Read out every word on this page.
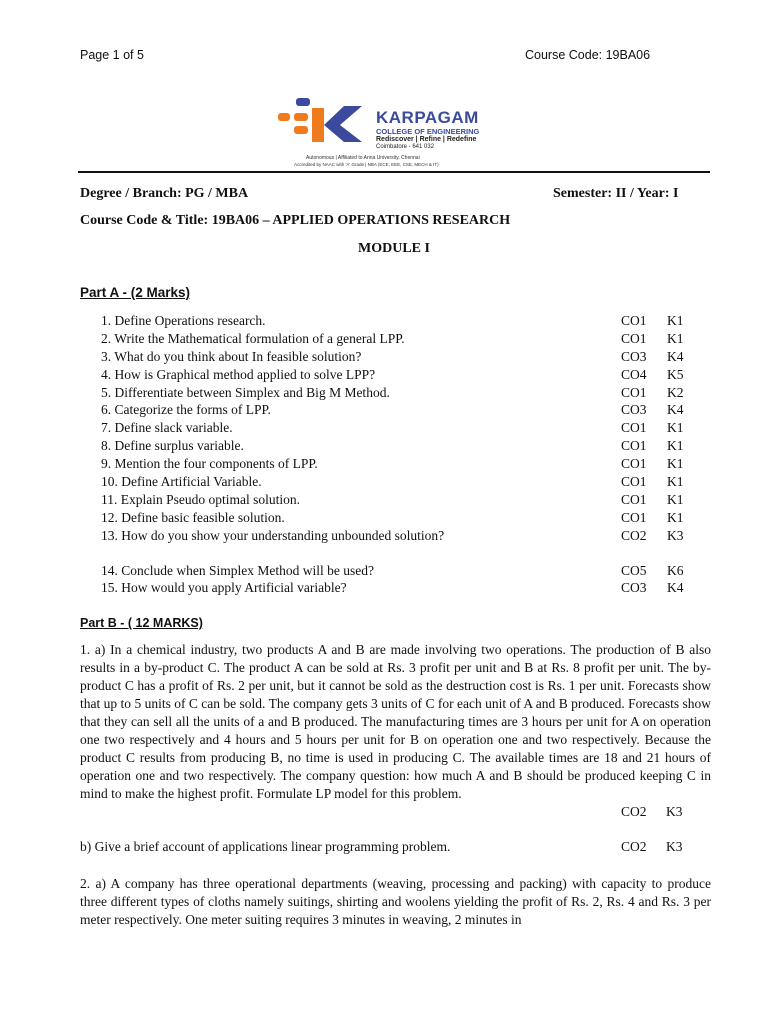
Page 1 of 5	Course Code: 19BA06
KARPAGAM
COLLEGE OF ENGINEERING
Rediscover | Refine | Redefine
Coimbatore - 641 032
Autonomous | Affiliated to Anna University, Chennai
Accredited by NAAC with 'A' Grade | NBA (ECE, EEE, CSE, MECH & IT)
Degree / Branch: PG / MBA	Semester: II / Year: I
Course Code & Title: 19BA06 – APPLIED OPERATIONS RESEARCH
MODULE I
Part A - (2 Marks)
1. Define Operations research.	CO1 K1
2. Write the Mathematical formulation of a general LPP.	CO1 K1
3. What do you think about In feasible solution?	CO3 K4
4. How is Graphical method applied to solve LPP?	CO4 K5
5. Differentiate between Simplex and Big M Method.	CO1 K2
6. Categorize the forms of LPP.	CO3 K4
7. Define slack variable.	CO1 K1
8. Define surplus variable.	CO1 K1
9. Mention the four components of LPP.	CO1 K1
10. Define Artificial Variable.	CO1 K1
11. Explain Pseudo optimal solution.	CO1 K1
12. Define basic feasible solution.	CO1 K1
13. How do you show your understanding unbounded solution?	CO2 K3
14. Conclude when Simplex Method will be used?	CO5 K6
15. How would you apply Artificial variable?	CO3 K4
Part B - ( 12 MARKS)
1. a) In a chemical industry, two products A and B are made involving two operations. The production of B also results in a by-product C. The product A can be sold at Rs. 3 profit per unit and B at Rs. 8 profit per unit. The by-product C has a profit of Rs. 2 per unit, but it cannot be sold as the destruction cost is Rs. 1 per unit. Forecasts show that up to 5 units of C can be sold. The company gets 3 units of C for each unit of A and B produced. Forecasts show that they can sell all the units of a and B produced. The manufacturing times are 3 hours per unit for A on operation one two respectively and 4 hours and 5 hours per unit for B on operation one and two respectively. Because the product C results from producing B, no time is used in producing C. The available times are 18 and 21 hours of operation one and two respectively. The company question: how much A and B should be produced keeping C in mind to make the highest profit. Formulate LP model for this problem.
CO2 K3
b) Give a brief account of applications linear programming problem.	CO2 K3
2. a) A company has three operational departments (weaving, processing and packing) with capacity to produce three different types of cloths namely suitings, shirting and woolens yielding the profit of Rs. 2, Rs. 4 and Rs. 3 per meter respectively. One meter suiting requires 3 minutes in weaving, 2 minutes in
